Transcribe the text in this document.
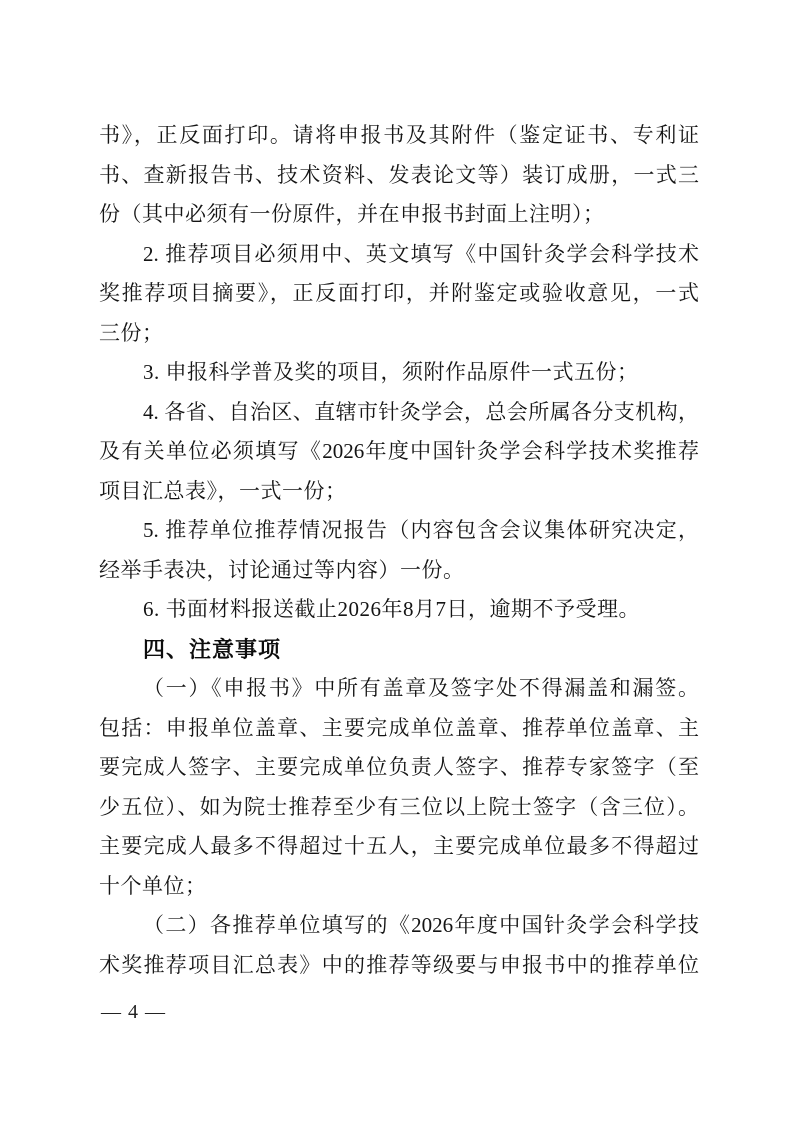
书》，正反面打印。请将申报书及其附件（鉴定证书、专利证
书、查新报告书、技术资料、发表论文等）装订成册，一式三
份（其中必须有一份原件，并在申报书封面上注明）；
2. 推荐项目必须用中、英文填写《中国针灸学会科学技术
奖推荐项目摘要》，正反面打印，并附鉴定或验收意见，一式
三份；
3. 申报科学普及奖的项目，须附作品原件一式五份；
4. 各省、自治区、直辖市针灸学会，总会所属各分支机构，
及有关单位必须填写《2026年度中国针灸学会科学技术奖推荐
项目汇总表》，一式一份；
5. 推荐单位推荐情况报告（内容包含会议集体研究决定，
经举手表决，讨论通过等内容）一份。
6. 书面材料报送截止2026年8月7日，逾期不予受理。
四、注意事项
（一）《申报书》中所有盖章及签字处不得漏盖和漏签。
包括：申报单位盖章、主要完成单位盖章、推荐单位盖章、主
要完成人签字、主要完成单位负责人签字、推荐专家签字（至
少五位）、如为院士推荐至少有三位以上院士签字（含三位）。
主要完成人最多不得超过十五人，主要完成单位最多不得超过
十个单位；
（二）各推荐单位填写的《2026年度中国针灸学会科学技
术奖推荐项目汇总表》中的推荐等级要与申报书中的推荐单位
— 4 —
